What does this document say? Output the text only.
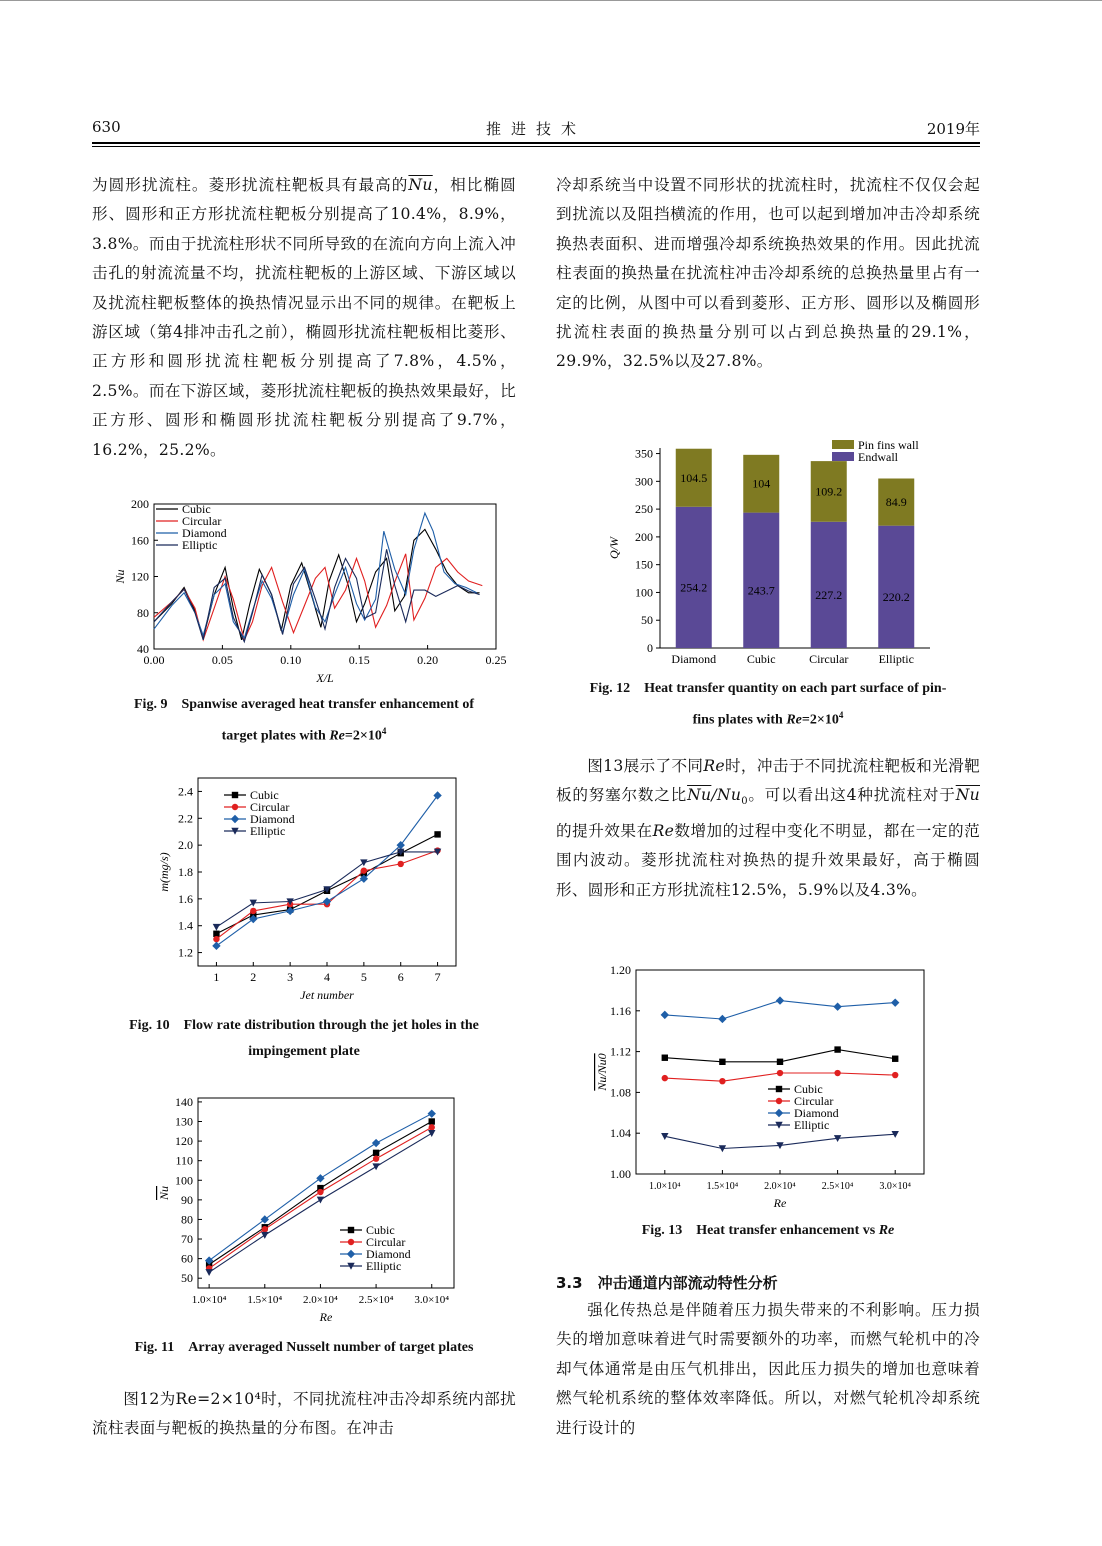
630	推进技术	2019年
为圆形扰流柱。菱形扰流柱靶板具有最高的$\overline{Nu}$，相比椭圆形、圆形和正方形扰流柱靶板分别提高了10.4%，8.9%，3.8%。而由于扰流柱形状不同所导致的在流向方向上流入冲击孔的射流流量不均，扰流柱靶板的上游区域、下游区域以及扰流柱靶板整体的换热情况显示出不同的规律。在靶板上游区域（第4排冲击孔之前），椭圆形扰流柱靶板相比菱形、正方形和圆形扰流柱靶板分别提高了7.8%，4.5%，2.5%。而在下游区域，菱形扰流柱靶板的换热效果最好，比正方形、圆形和椭圆形扰流柱靶板分别提高了9.7%，16.2%，25.2%。
40
80
120
160
200
0.00	0.05	0.10	0.15	0.20	0.25
X/L
Nu
Cubic
Circular
Diamond
Elliptic
Fig. 9　Spanwise averaged heat transfer enhancement of
target plates with $Re=2\times 10^4$
1.2
1.4
1.6
1.8
2.0
2.2
2.4
1	2	3	4	5	6	7
Jet number
m(mg/s)
Cubic
Circular
Diamond
Elliptic
Fig. 10　Flow rate distribution through the jet holes in the
impingement plate
50
60
70
80
90
100
110
120
130
140
1.0×10⁴ 1.5×10⁴ 2.0×10⁴ 2.5×10⁴ 3.0×10⁴
Re
Nu
Cubic
Circular
Diamond
Elliptic
Fig. 11　Array averaged Nusselt number of target plates
图12为Re=2×10⁴时，不同扰流柱冲击冷却系统内部扰流柱表面与靶板的换热量的分布图。在冲击
冷却系统当中设置不同形状的扰流柱时，扰流柱不仅仅会起到扰流以及阻挡横流的作用，也可以起到增加冲击冷却系统换热表面积、进而增强冷却系统换热效果的作用。因此扰流柱表面的换热量在扰流柱冲击冷却系统的总换热量里占有一定的比例，从图中可以看到菱形、正方形、圆形以及椭圆形扰流柱表面的换热量分别可以占到总换热量的29.1%，29.9%，32.5%以及27.8%。
0
50
100
150
200
250
300
350
Q/W
254.2
104.5
Diamond
243.7
104
Cubic
227.2
109.2
Circular
220.2
84.9
Elliptic
Pin fins wall
Endwall
Fig. 12　Heat transfer quantity on each part surface of pin-
fins plates with $Re=2\times 10^4$
图13展示了不同Re时，冲击于不同扰流柱靶板和光滑靶板的努塞尔数之比$\overline{Nu}/Nu_0$。可以看出这4种扰流柱对于$\overline{Nu}$的提升效果在Re数增加的过程中变化不明显，都在一定的范围内波动。菱形扰流柱对换热的提升效果最好，高于椭圆形、圆形和正方形扰流柱12.5%，5.9%以及4.3%。
1.00
1.04
1.08
1.12
1.16
1.20
1.0×10⁴	1.5×10⁴	2.0×10⁴	2.5×10⁴	3.0×10⁴
Re
Nu/Nu0	Cubic
Circular
Diamond
Elliptic
Fig. 13　Heat transfer enhancement vs Re
3.3　冲击通道内部流动特性分析
强化传热总是伴随着压力损失带来的不利影响。压力损失的增加意味着进气时需要额外的功率，而燃气轮机中的冷却气体通常是由压气机排出，因此压力损失的增加也意味着燃气轮机系统的整体效率降低。所以，对燃气轮机冷却系统进行设计的
